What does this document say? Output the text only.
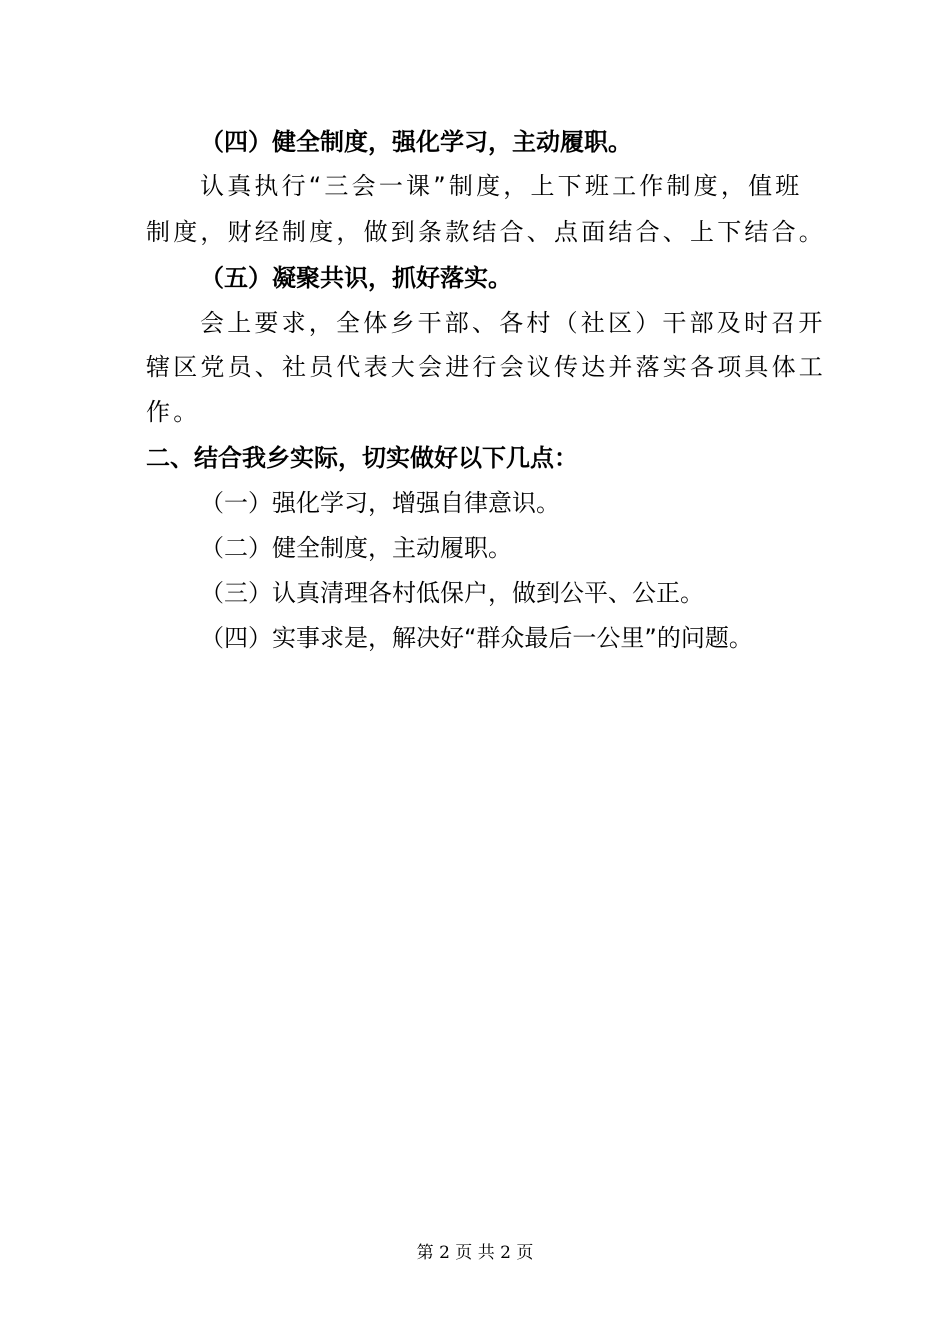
（四）健全制度，强化学习，主动履职。

认真执行“三会一课”制度，上下班工作制度，值班

制度，财经制度，做到条款结合、点面结合、上下结合。

（五）凝聚共识，抓好落实。

会上要求，全体乡干部、各村（社区）干部及时召开

辖区党员、社员代表大会进行会议传达并落实各项具体工

作。

二、结合我乡实际，切实做好以下几点：

（一）强化学习，增强自律意识。

（二）健全制度，主动履职。

（三）认真清理各村低保户，做到公平、公正。

（四）实事求是，解决好“群众最后一公里”的问题。

第 2 页 共 2 页
